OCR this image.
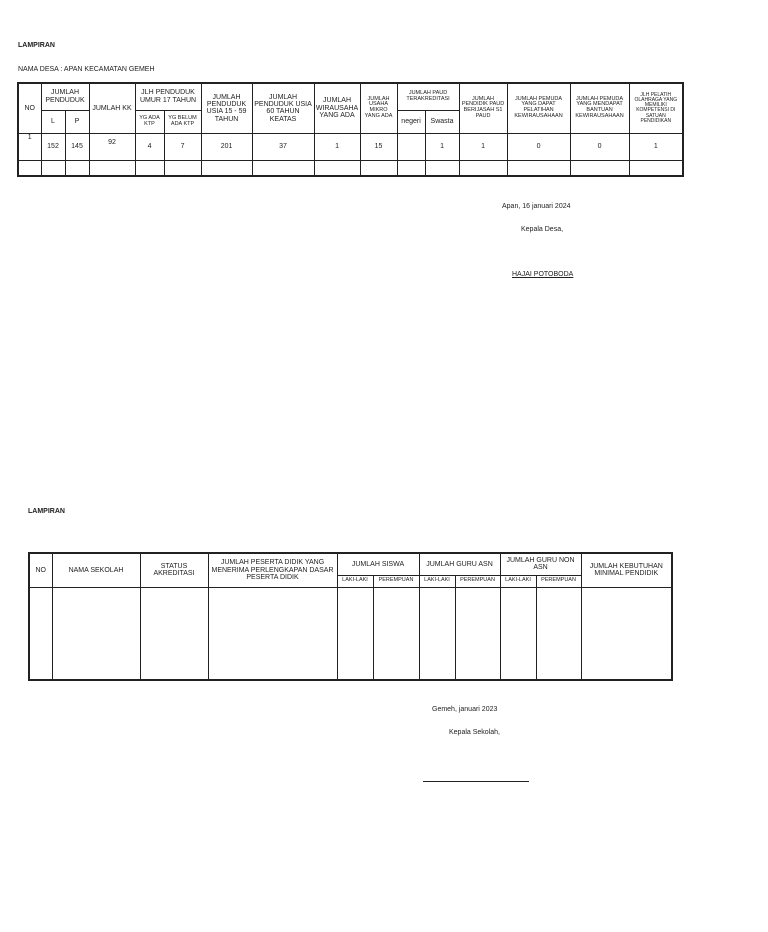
LAMPIRAN
NAMA DESA : APAN KECAMATAN GEMEH
NO	JUMLAH PENDUDUK		JUMLAH KK	JLH PENDUDUK UMUR 17 TAHUN		JUMLAH PENDUDUK USIA 15 - 59 TAHUN	JUMLAH PENDUDUK USIA 60 TAHUN KEATAS	JUMLAH WIRAUSAHA YANG ADA	JUMLAH USAHA MIKRO YANG ADA	JUMLAH PAUD TERAKREDITASI		JUMLAH PENDIDIK PAUD BERIJASAH S1 PAUD	JUMLAH PEMUDA YANG DAPAT PELATIHAN KEWIRAUSAHAAN	JUMLAH PEMUDA YANG MENDAPAT BANTUAN KEWIRAUSAHAAN	JLH PELATIH OLAHRAGA YANG MEMILIKI KOMPETENSI DI SATUAN PENDIDIKAN
	L	P		YG ADA KTP	YG BELUM ADA KTP					negeri	Swasta				
1	152	145	92	4	7	201	37	1	15		1	1	0	0	1

Apan, 16 januari 2024
Kepala Desa,
HAJAI POTOBODA
LAMPIRAN
NO	NAMA SEKOLAH	STATUS AKREDITASI	JUMLAH PESERTA DIDIK YANG MENERIMA PERLENGKAPAN DASAR PESERTA DIDIK	JUMLAH SISWA		JUMLAH GURU ASN		JUMLAH GURU NON ASN		JUMLAH KEBUTUHAN MINIMAL PENDIDIK
				LAKI-LAKI	PEREMPUAN	LAKI-LAKI	PEREMPUAN	LAKI-LAKI	PEREMPUAN	

Gemeh, januari 2023
Kepala Sekolah,
